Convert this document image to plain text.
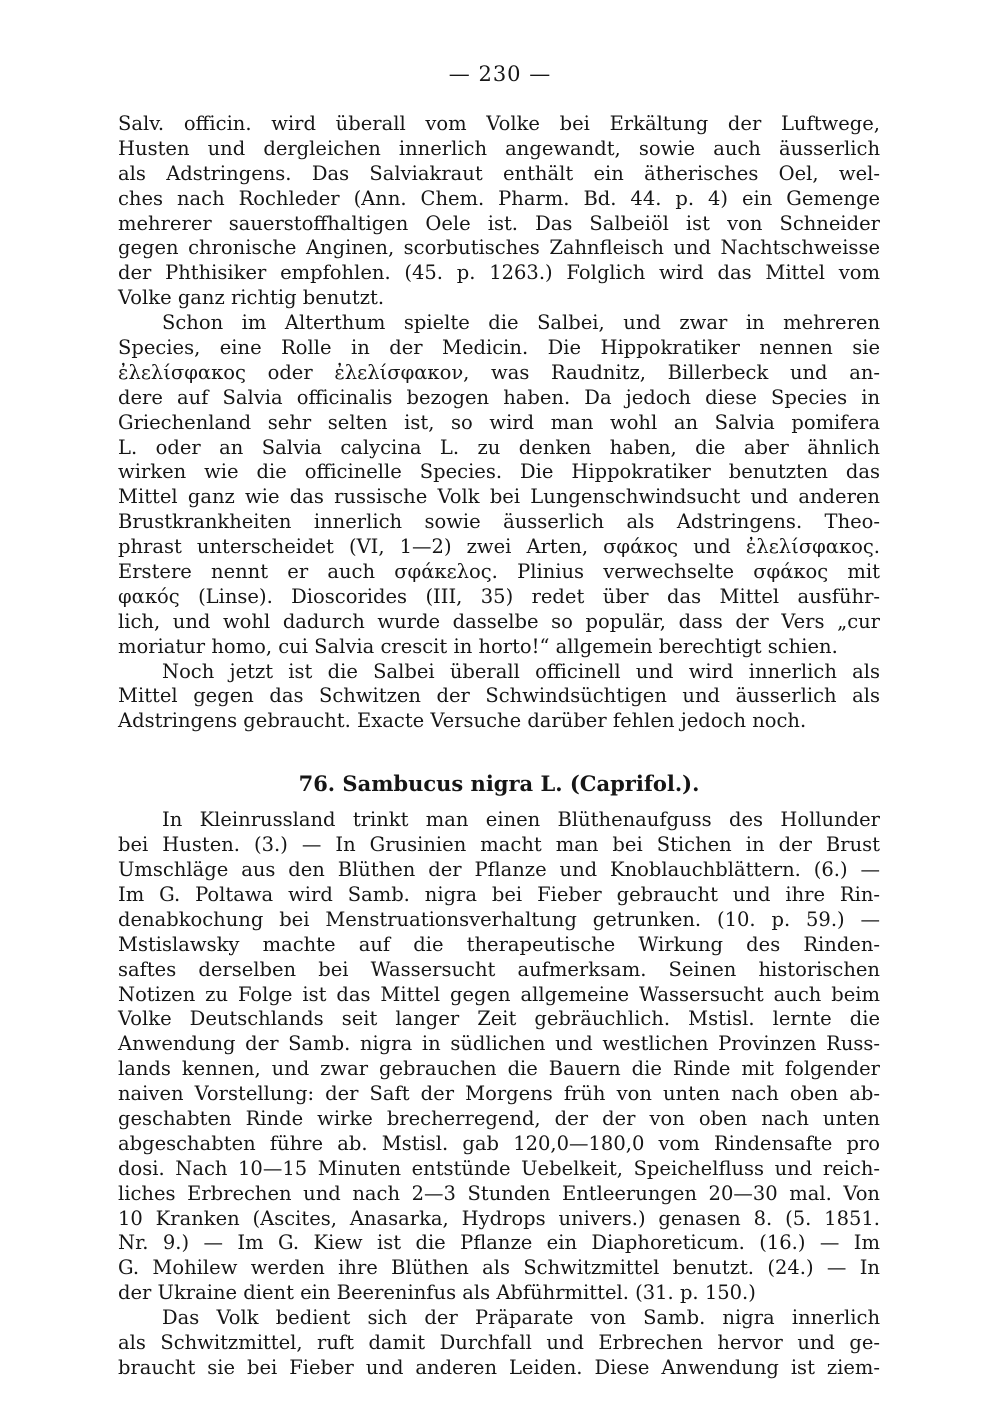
— 230 —
Salv. officin. wird überall vom Volke bei Erkältung der Luftwege,
Husten und dergleichen innerlich angewandt, sowie auch äusserlich
als Adstringens. Das Salviakraut enthält ein ätherisches Oel, wel-
ches nach Rochleder (Ann. Chem. Pharm. Bd. 44. p. 4) ein Gemenge
mehrerer sauerstoffhaltigen Oele ist. Das Salbeiöl ist von Schneider
gegen chronische Anginen, scorbutisches Zahnfleisch und Nachtschweisse
der Phthisiker empfohlen. (45. p. 1263.) Folglich wird das Mittel vom
Volke ganz richtig benutzt.
Schon im Alterthum spielte die Salbei, und zwar in mehreren
Species, eine Rolle in der Medicin. Die Hippokratiker nennen sie
ἐλελίσφακος oder ἐλελίσφακον, was Raudnitz, Billerbeck und an-
dere auf Salvia officinalis bezogen haben. Da jedoch diese Species in
Griechenland sehr selten ist, so wird man wohl an Salvia pomifera
L. oder an Salvia calycina L. zu denken haben, die aber ähnlich
wirken wie die officinelle Species. Die Hippokratiker benutzten das
Mittel ganz wie das russische Volk bei Lungenschwindsucht und anderen
Brustkrankheiten innerlich sowie äusserlich als Adstringens. Theo-
phrast unterscheidet (VI, 1—2) zwei Arten, σφάκος und ἐλελίσφακος.
Erstere nennt er auch σφάκελος. Plinius verwechselte σφάκος mit
φακός (Linse). Dioscorides (III, 35) redet über das Mittel ausführ-
lich, und wohl dadurch wurde dasselbe so populär, dass der Vers „cur
moriatur homo, cui Salvia crescit in horto!“ allgemein berechtigt schien.
Noch jetzt ist die Salbei überall officinell und wird innerlich als
Mittel gegen das Schwitzen der Schwindsüchtigen und äusserlich als
Adstringens gebraucht. Exacte Versuche darüber fehlen jedoch noch.
76. Sambucus nigra L. (Caprifol.).
In Kleinrussland trinkt man einen Blüthenaufguss des Hollunder
bei Husten. (3.) — In Grusinien macht man bei Stichen in der Brust
Umschläge aus den Blüthen der Pflanze und Knoblauchblättern. (6.) —
Im G. Poltawa wird Samb. nigra bei Fieber gebraucht und ihre Rin-
denabkochung bei Menstruationsverhaltung getrunken. (10. p. 59.) —
Mstislawsky machte auf die therapeutische Wirkung des Rinden-
saftes derselben bei Wassersucht aufmerksam. Seinen historischen
Notizen zu Folge ist das Mittel gegen allgemeine Wassersucht auch beim
Volke Deutschlands seit langer Zeit gebräuchlich. Mstisl. lernte die
Anwendung der Samb. nigra in südlichen und westlichen Provinzen Russ-
lands kennen, und zwar gebrauchen die Bauern die Rinde mit folgender
naiven Vorstellung: der Saft der Morgens früh von unten nach oben ab-
geschabten Rinde wirke brecherregend, der der von oben nach unten
abgeschabten führe ab. Mstisl. gab 120,0—180,0 vom Rindensafte pro
dosi. Nach 10—15 Minuten entstünde Uebelkeit, Speichelfluss und reich-
liches Erbrechen und nach 2—3 Stunden Entleerungen 20—30 mal. Von
10 Kranken (Ascites, Anasarka, Hydrops univers.) genasen 8. (5. 1851.
Nr. 9.) — Im G. Kiew ist die Pflanze ein Diaphoreticum. (16.) — Im
G. Mohilew werden ihre Blüthen als Schwitzmittel benutzt. (24.) — In
der Ukraine dient ein Beereninfus als Abführmittel. (31. p. 150.)
Das Volk bedient sich der Präparate von Samb. nigra innerlich
als Schwitzmittel, ruft damit Durchfall und Erbrechen hervor und ge-
braucht sie bei Fieber und anderen Leiden. Diese Anwendung ist ziem-
